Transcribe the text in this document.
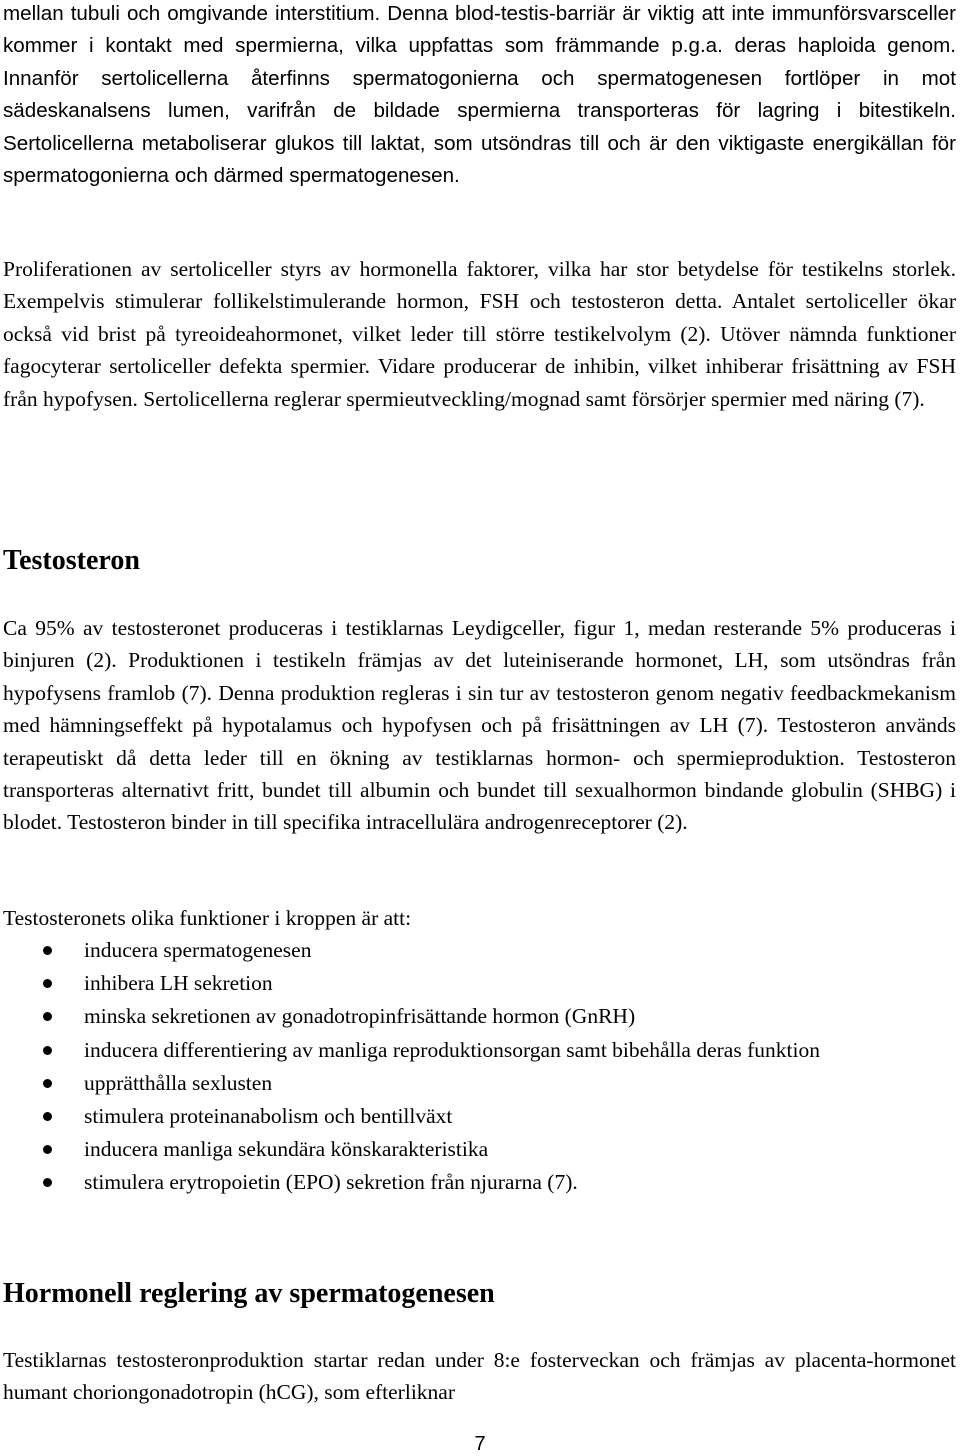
mellan tubuli och omgivande interstitium. Denna blod-testis-barriär är viktig att inte immunförsvarsceller kommer i kontakt med spermierna, vilka uppfattas som främmande p.g.a. deras haploida genom. Innanför sertolicellerna återfinns spermatogonierna och spermatogenesen fortlöper in mot sädeskanalsens lumen, varifrån de bildade spermierna transporteras för lagring i bitestikeln. Sertolicellerna metaboliserar glukos till laktat, som utsöndras till och är den viktigaste energikällan för spermatogonierna och därmed spermatogenesen.

Proliferationen av sertoliceller styrs av hormonella faktorer, vilka har stor betydelse för testikelns storlek. Exempelvis stimulerar follikelstimulerande hormon, FSH och testosteron detta. Antalet sertoliceller ökar också vid brist på tyreoideahormonet, vilket leder till större testikelvolym (2). Utöver nämnda funktioner fagocyterar sertoliceller defekta spermier. Vidare producerar de inhibin, vilket inhiberar frisättning av FSH från hypofysen. Sertolicellerna reglerar spermieutveckling/mognad samt försörjer spermier med näring (7).

Testosteron

Ca 95% av testosteronet produceras i testiklarnas Leydigceller, figur 1, medan resterande 5% produceras i binjuren (2). Produktionen i testikeln främjas av det luteiniserande hormonet, LH, som utsöndras från hypofysens framlob (7). Denna produktion regleras i sin tur av testosteron genom negativ feedbackmekanism med hämningseffekt på hypotalamus och hypofysen och på frisättningen av LH (7). Testosteron används terapeutiskt då detta leder till en ökning av testiklarnas hormon- och spermieproduktion. Testosteron transporteras alternativt fritt, bundet till albumin och bundet till sexualhormon bindande globulin (SHBG) i blodet. Testosteron binder in till specifika intracellulära androgenreceptorer (2).

Testosteronets olika funktioner i kroppen är att:

inducera spermatogenesen
inhibera LH sekretion
minska sekretionen av gonadotropinfrisättande hormon (GnRH)
inducera differentiering av manliga reproduktionsorgan samt bibehålla deras funktion
upprätthålla sexlusten
stimulera proteinanabolism och bentillväxt
inducera manliga sekundära könskarakteristika
stimulera erytropoietin (EPO) sekretion från njurarna (7).
Hormonell reglering av spermatogenesen

Testiklarnas testosteronproduktion startar redan under 8:e fosterveckan och främjas av placenta-hormonet humant choriongonadotropin (hCG), som efterliknar

7
